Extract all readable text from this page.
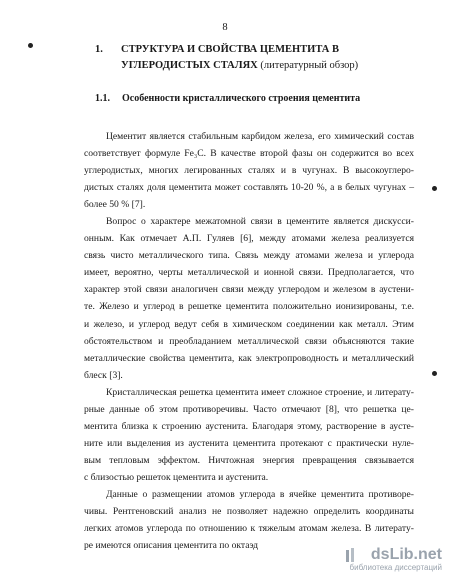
8
1. СТРУКТУРА И СВОЙСТВА ЦЕМЕНТИТА В
УГЛЕРОДИСТЫХ СТАЛЯХ (литературный обзор)
1.1. Особенности кристаллического строения цементита
Цементит является стабильным карбидом железа, его химический состав
соответствует формуле Fe₃C. В качестве второй фазы он содержится во всех
углеродистых, многих легированных сталях и в чугунах. В высокоуглеро-
дистых сталях доля цементита может составлять 10-20 %, а в белых чугунах –
более 50 % [7].
Вопрос о характере межатомной связи в цементите является дискусси-
онным. Как отмечает А.П. Гуляев [6], между атомами железа реализуется
связь чисто металлического типа. Связь между атомами железа и углерода
имеет, вероятно, черты металлической и ионной связи. Предполагается, что
характер этой связи аналогичен связи между углеродом и железом в аустени-
те. Железо и углерод в решетке цементита положительно ионизированы, т.е.
и железо, и углерод ведут себя в химическом соединении как металл. Этим
обстоятельством и преобладанием металлической связи объясняются такие
металлические свойства цементита, как электропроводность и металлический
блеск [3].
Кристаллическая решетка цементита имеет сложное строение, и литерату-
рные данные об этом противоречивы. Часто отмечают [8], что решетка це-
ментита близка к строению аустенита. Благодаря этому, растворение в аусте-
ните или выделения из аустенита цементита протекают с практически нуле-
вым тепловым эффектом. Ничтожная энергия превращения связывается
с близостью решеток цементита и аустенита.
Данные о размещении атомов углерода в ячейке цементита противоре-
чивы. Рентгеновский анализ не позволяет надежно определить координаты
легких атомов углерода по отношению к тяжелым атомам железа. В литерату-
ре имеются описания цементита по октаэд
dsLib.net
библиотека диссертаций
